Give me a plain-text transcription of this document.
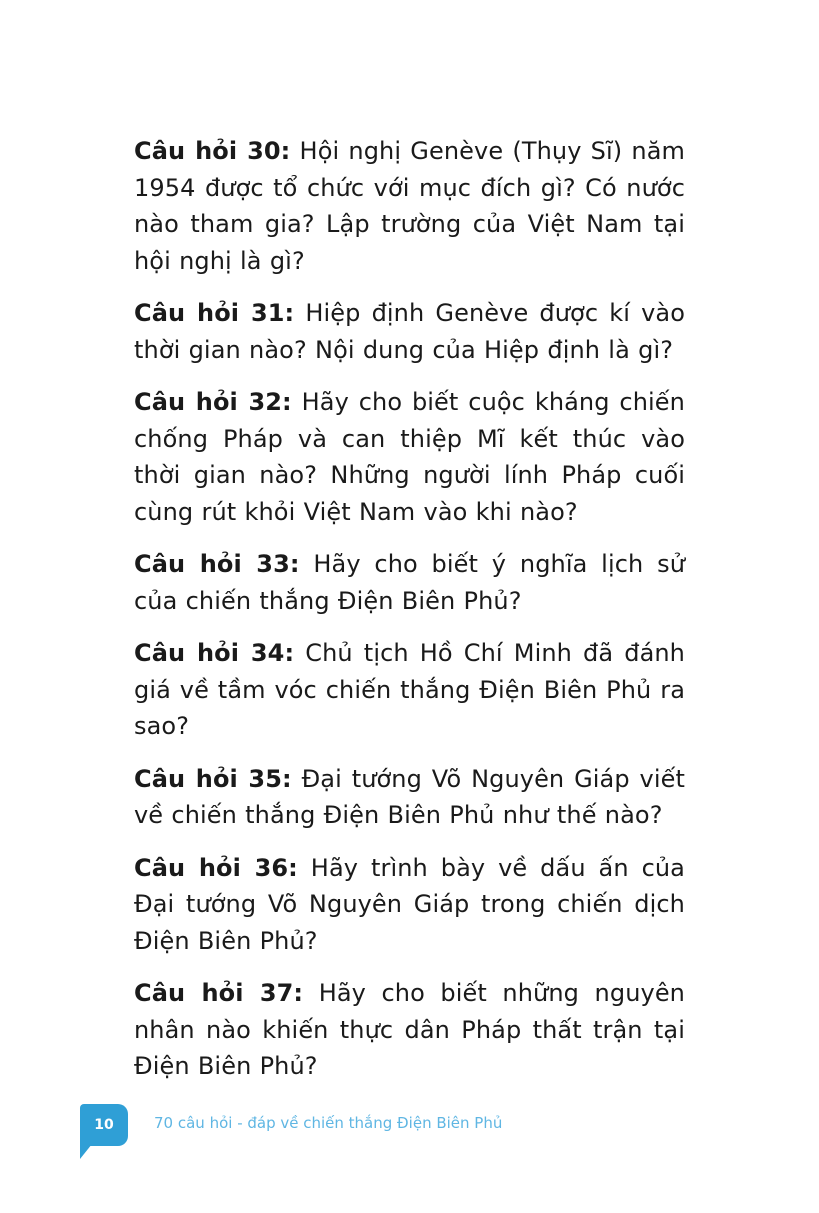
Câu hỏi 30: Hội nghị Genève (Thụy Sĩ) năm 1954 được tổ chức với mục đích gì? Có nước nào tham gia? Lập trường của Việt Nam tại hội nghị là gì?

Câu hỏi 31: Hiệp định Genève được kí vào thời gian nào? Nội dung của Hiệp định là gì?

Câu hỏi 32: Hãy cho biết cuộc kháng chiến chống Pháp và can thiệp Mĩ kết thúc vào thời gian nào? Những người lính Pháp cuối cùng rút khỏi Việt Nam vào khi nào?

Câu hỏi 33: Hãy cho biết ý nghĩa lịch sử của chiến thắng Điện Biên Phủ?

Câu hỏi 34: Chủ tịch Hồ Chí Minh đã đánh giá về tầm vóc chiến thắng Điện Biên Phủ ra sao?

Câu hỏi 35: Đại tướng Võ Nguyên Giáp viết về chiến thắng Điện Biên Phủ như thế nào?

Câu hỏi 36: Hãy trình bày về dấu ấn của Đại tướng Võ Nguyên Giáp trong chiến dịch Điện Biên Phủ?

Câu hỏi 37: Hãy cho biết những nguyên nhân nào khiến thực dân Pháp thất trận tại Điện Biên Phủ?

10	70 câu hỏi - đáp về chiến thắng Điện Biên Phủ
